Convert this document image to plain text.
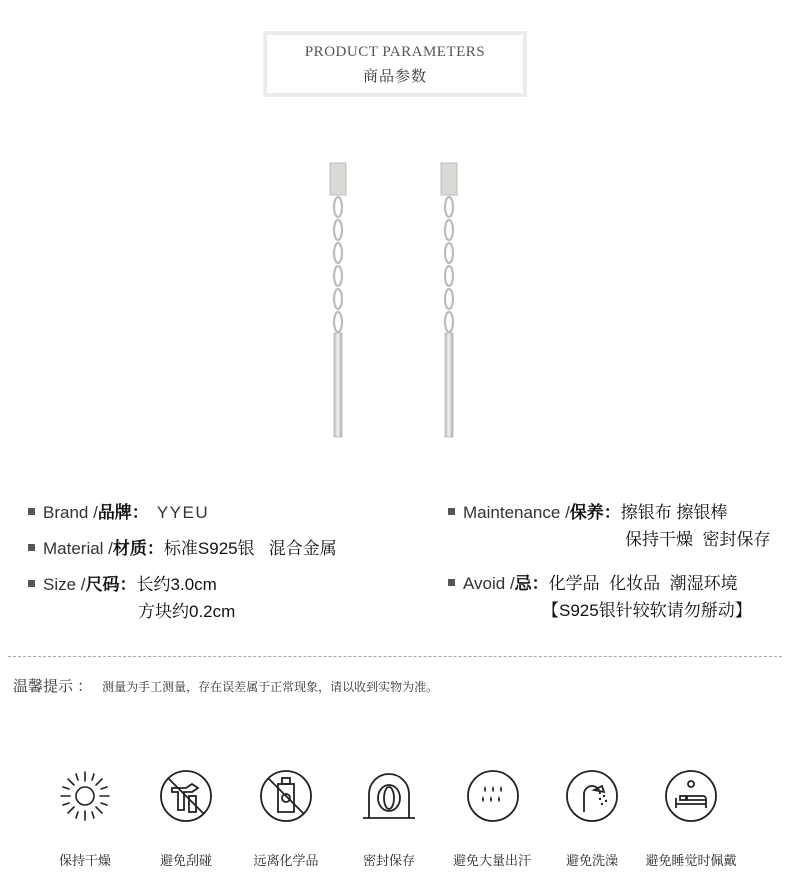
PRODUCT PARAMETERS
商品参数
Brand /品牌： YYEU
Material /材质：标准S925银   混合金属
Size /尺码：长约3.0cm
方块约0.2cm
Maintenance /保养：擦银布 擦银棒
保持干燥  密封保存
Avoid /忌：化学品  化妆品  潮湿环境
【S925银针较软请勿掰动】
温馨提示 ： 测量为手工测量，存在误差属于正常现象，请以收到实物为准。
保持干燥	避免刮碰	远离化学品	密封保存	避免大量出汗	避免洗澡 避免睡觉时佩戴
